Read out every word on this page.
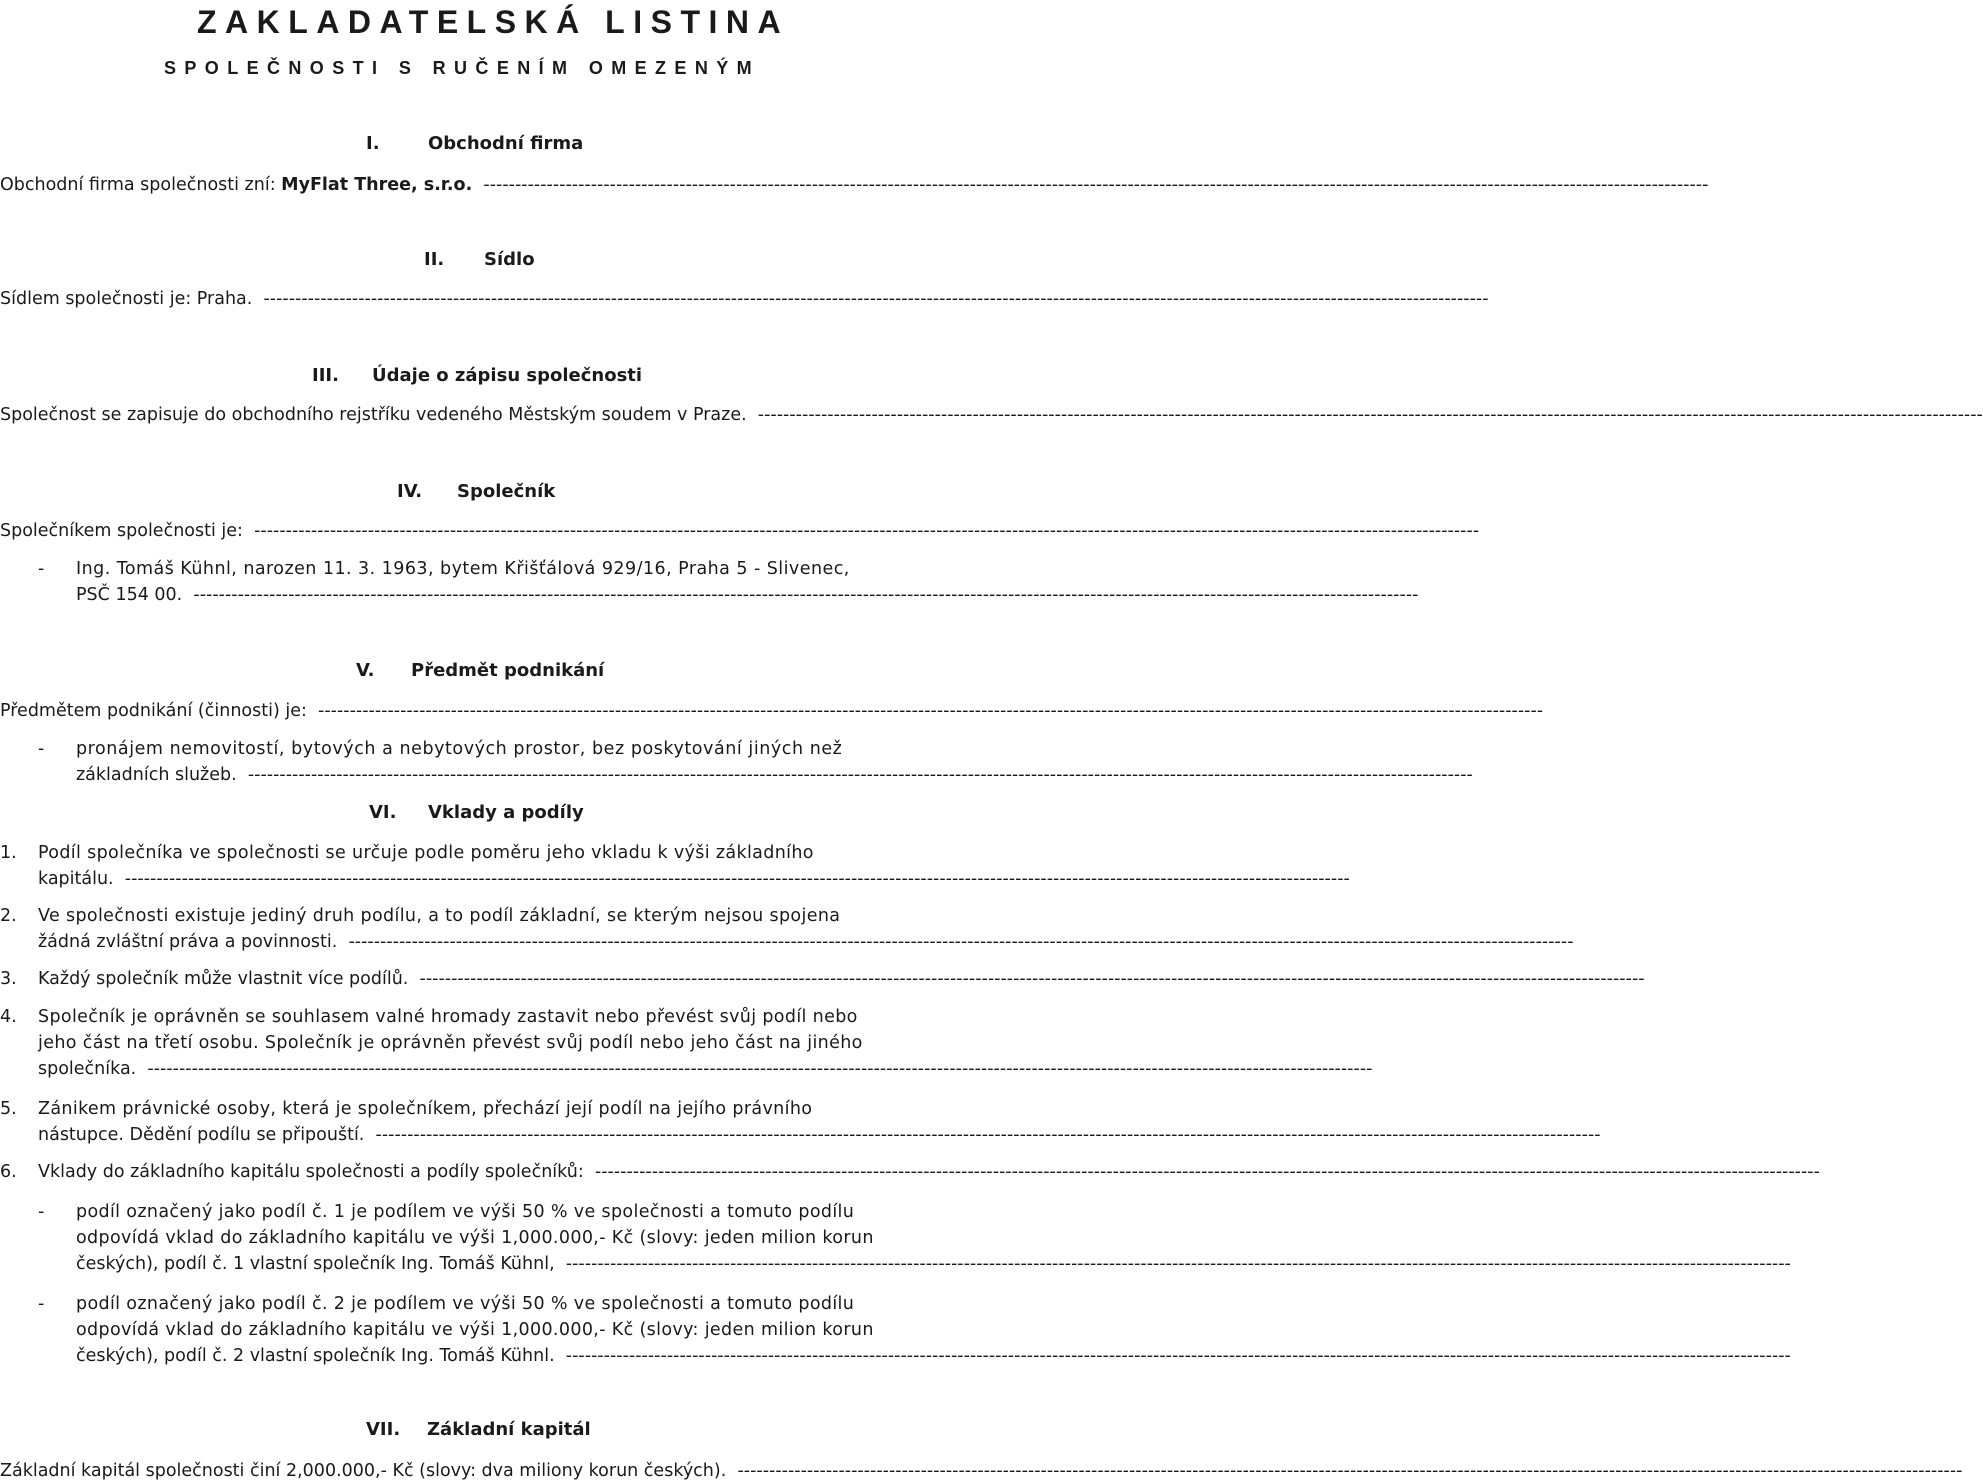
ZAKLADATELSKÁ LISTINA
SPOLEČNOSTI S RUČENÍM OMEZENÝM
I.	Obchodní firma
Obchodní firma společnosti zní: MyFlat Three, s.r.o. --------------------------------------------------------------------------------------------------------------------------------------------------------------------------------------------------
II. Sídlo
Sídlem společnosti je: Praha. --------------------------------------------------------------------------------------------------------------------------------------------------------------------------------------------------
III. Údaje o zápisu společnosti
Společnost se zapisuje do obchodního rejstříku vedeného Městským soudem v Praze. --------------------------------------------------------------------------------------------------------------------------------------------------------------------------------------------------
IV. Společník
Společníkem společnosti je: --------------------------------------------------------------------------------------------------------------------------------------------------------------------------------------------------
- Ing. Tomáš Kühnl, narozen 11. 3. 1963, bytem Křišťálová 929/16, Praha 5 - Slivenec,
PSČ 154 00. --------------------------------------------------------------------------------------------------------------------------------------------------------------------------------------------------
V. Předmět podnikání
Předmětem podnikání (činnosti) je: --------------------------------------------------------------------------------------------------------------------------------------------------------------------------------------------------
- pronájem nemovitostí, bytových a nebytových prostor, bez poskytování jiných než
základních služeb. --------------------------------------------------------------------------------------------------------------------------------------------------------------------------------------------------
VI. Vklady a podíly
1. Podíl společníka ve společnosti se určuje podle poměru jeho vkladu k výši základního
kapitálu. --------------------------------------------------------------------------------------------------------------------------------------------------------------------------------------------------
2. Ve společnosti existuje jediný druh podílu, a to podíl základní, se kterým nejsou spojena
žádná zvláštní práva a povinnosti. --------------------------------------------------------------------------------------------------------------------------------------------------------------------------------------------------
3. Každý společník může vlastnit více podílů. --------------------------------------------------------------------------------------------------------------------------------------------------------------------------------------------------
4. Společník je oprávněn se souhlasem valné hromady zastavit nebo převést svůj podíl nebo
jeho část na třetí osobu. Společník je oprávněn převést svůj podíl nebo jeho část na jiného
společníka. --------------------------------------------------------------------------------------------------------------------------------------------------------------------------------------------------
5. Zánikem právnické osoby, která je společníkem, přechází její podíl na jejího právního
nástupce. Dědění podílu se připouští. --------------------------------------------------------------------------------------------------------------------------------------------------------------------------------------------------
6. Vklady do základního kapitálu společnosti a podíly společníků: --------------------------------------------------------------------------------------------------------------------------------------------------------------------------------------------------
- podíl označený jako podíl č. 1 je podílem ve výši 50 % ve společnosti a tomuto podílu
odpovídá vklad do základního kapitálu ve výši 1,000.000,- Kč (slovy: jeden milion korun
českých), podíl č. 1 vlastní společník Ing. Tomáš Kühnl, --------------------------------------------------------------------------------------------------------------------------------------------------------------------------------------------------
- podíl označený jako podíl č. 2 je podílem ve výši 50 % ve společnosti a tomuto podílu
odpovídá vklad do základního kapitálu ve výši 1,000.000,- Kč (slovy: jeden milion korun
českých), podíl č. 2 vlastní společník Ing. Tomáš Kühnl. --------------------------------------------------------------------------------------------------------------------------------------------------------------------------------------------------
VII. Základní kapitál
Základní kapitál společnosti činí 2,000.000,- Kč (slovy: dva miliony korun českých). --------------------------------------------------------------------------------------------------------------------------------------------------------------------------------------------------
